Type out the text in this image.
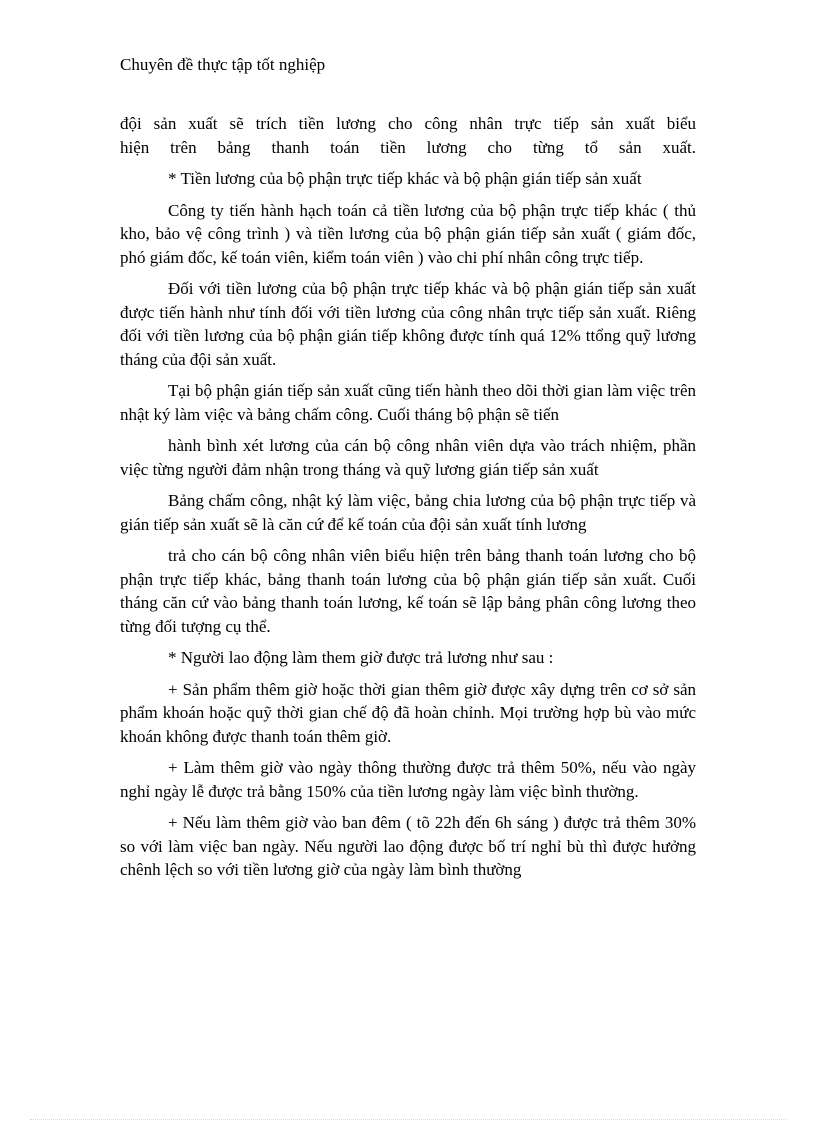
Chuyên đề thực tập tốt nghiệp

đội sản xuất sẽ trích tiền lương cho công nhân trực tiếp sản xuất biểu

hiện trên bảng thanh toán tiền lương cho từng tổ sản xuất.

* Tiền lương của bộ phận trực tiếp khác và bộ phận gián tiếp sản xuất

Công ty tiến hành hạch toán cả tiền lương của bộ phận trực tiếp khác ( thủ kho, bảo vệ công trình ) và tiền lương của bộ phận gián tiếp sản xuất ( giám đốc, phó giám đốc, kế toán viên, kiểm toán viên ) vào chi phí nhân công trực tiếp.

Đối với tiền lương của bộ phận trực tiếp khác và bộ phận gián tiếp sản xuất được tiến hành như tính đối với tiền lương của công nhân trực tiếp sản xuất. Riêng đối với tiền lương của bộ phận gián tiếp không được tính quá 12% ttổng quỹ lương tháng của đội sản xuất.

Tại bộ phận gián tiếp sản xuất cũng tiến hành theo dõi thời gian làm việc trên nhật ký làm việc và bảng chấm công. Cuối tháng bộ phận sẽ tiến

hành bình xét lương của cán bộ công nhân viên dựa vào trách nhiệm, phần việc từng người đảm nhận trong tháng và quỹ lương gián tiếp sản xuất

Bảng chấm công, nhật ký làm việc, bảng chia lương của bộ phận trực tiếp và gián tiếp sản xuất sẽ là căn cứ để kế toán của đội sản xuất tính lương

trả cho cán bộ công nhân viên biểu hiện trên bảng thanh toán lương cho bộ phận trực tiếp khác, bảng thanh toán lương của bộ phận gián tiếp sản xuất. Cuối tháng căn cứ vào bảng thanh toán lương, kế toán sẽ lập bảng phân công lương theo từng đối tượng cụ thể.

* Người lao động làm them giờ được trả lương như sau :

+ Sản phẩm thêm giờ hoặc thời gian thêm giờ được xây dựng trên cơ sở sản phẩm khoán hoặc quỹ thời gian chế độ đã hoàn chỉnh. Mọi trường hợp bù vào mức khoán không được thanh toán thêm giờ.

+ Làm thêm giờ vào ngày thông thường được trả thêm 50%, nếu vào ngày nghỉ ngày lễ được trả bằng 150% của tiền lương ngày làm việc bình thường.

+ Nếu làm thêm giờ vào ban đêm ( tõ 22h đến 6h sáng ) được trả thêm 30% so với làm việc ban ngày. Nếu người lao động được bố trí nghỉ bù thì được hưởng chênh lệch so với tiền lương giờ của ngày làm bình thường
